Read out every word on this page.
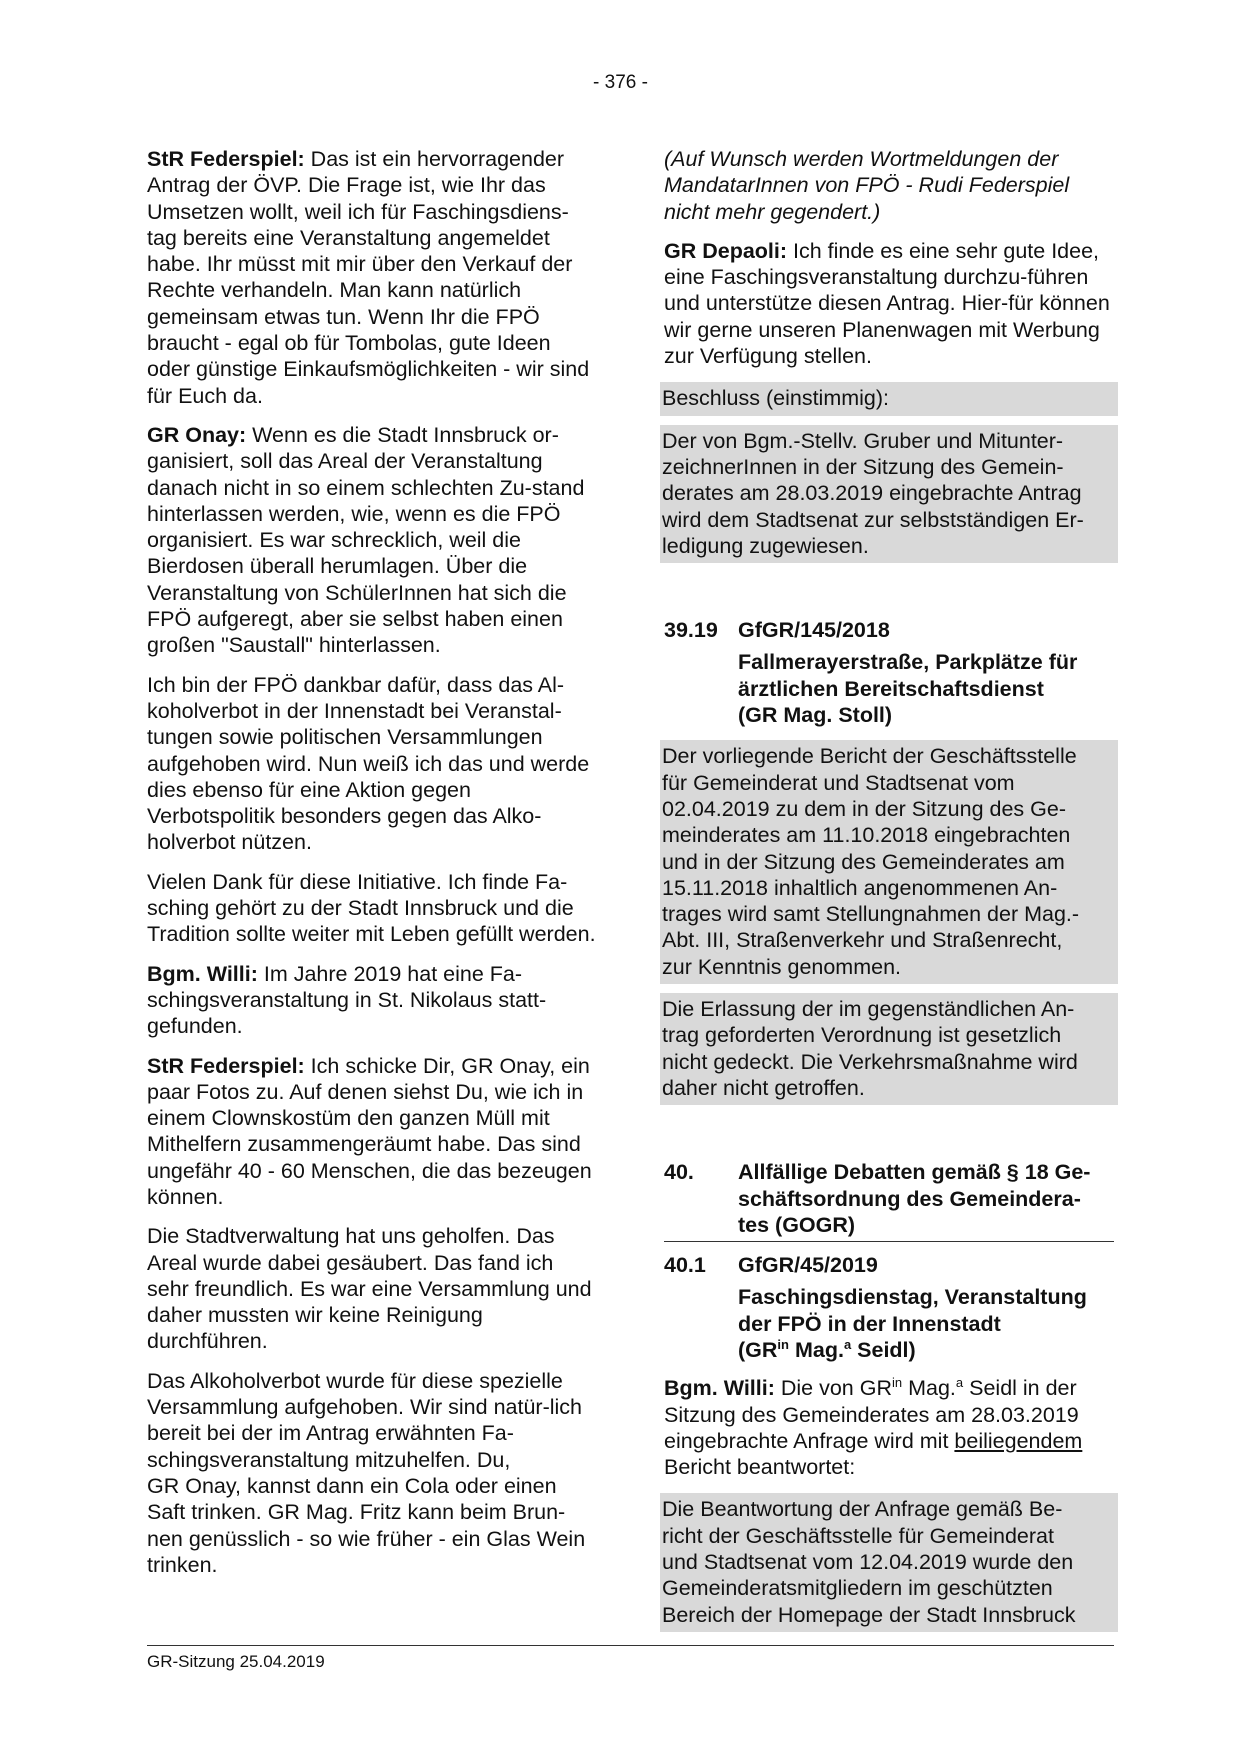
- 376 -

StR Federspiel: Das ist ein hervorragender Antrag der ÖVP. Die Frage ist, wie Ihr das Umsetzen wollt, weil ich für Faschingsdiens-tag bereits eine Veranstaltung angemeldet habe. Ihr müsst mit mir über den Verkauf der Rechte verhandeln. Man kann natürlich gemeinsam etwas tun. Wenn Ihr die FPÖ braucht - egal ob für Tombolas, gute Ideen oder günstige Einkaufsmöglichkeiten - wir sind für Euch da.

GR Onay: Wenn es die Stadt Innsbruck or-ganisiert, soll das Areal der Veranstaltung danach nicht in so einem schlechten Zu-stand hinterlassen werden, wie, wenn es die FPÖ organisiert. Es war schrecklich, weil die Bierdosen überall herumlagen. Über die Veranstaltung von SchülerInnen hat sich die FPÖ aufgeregt, aber sie selbst haben einen großen "Saustall" hinterlassen.

Ich bin der FPÖ dankbar dafür, dass das Al-koholverbot in der Innenstadt bei Veranstal-tungen sowie politischen Versammlungen aufgehoben wird. Nun weiß ich das und werde dies ebenso für eine Aktion gegen Verbotspolitik besonders gegen das Alko-holverbot nützen.

Vielen Dank für diese Initiative. Ich finde Fa-sching gehört zu der Stadt Innsbruck und die Tradition sollte weiter mit Leben gefüllt werden.

Bgm. Willi: Im Jahre 2019 hat eine Fa-schingsveranstaltung in St. Nikolaus statt-gefunden.

StR Federspiel: Ich schicke Dir, GR Onay, ein paar Fotos zu. Auf denen siehst Du, wie ich in einem Clownskostüm den ganzen Müll mit Mithelfern zusammengeräumt habe. Das sind ungefähr 40 - 60 Menschen, die das bezeugen können.

Die Stadtverwaltung hat uns geholfen. Das Areal wurde dabei gesäubert. Das fand ich sehr freundlich. Es war eine Versammlung und daher mussten wir keine Reinigung durchführen.

Das Alkoholverbot wurde für diese spezielle Versammlung aufgehoben. Wir sind natür-lich bereit bei der im Antrag erwähnten Fa-schingsveranstaltung mitzuhelfen. Du,
GR Onay, kannst dann ein Cola oder einen Saft trinken. GR Mag. Fritz kann beim Brun-nen genüsslich - so wie früher - ein Glas Wein trinken.

(Auf Wunsch werden Wortmeldungen der
MandatarInnen von FPÖ - Rudi Federspiel
nicht mehr gegendert.)

GR Depaoli: Ich finde es eine sehr gute Idee, eine Faschingsveranstaltung durchzu-führen und unterstütze diesen Antrag. Hier-für können wir gerne unseren Planenwagen mit Werbung zur Verfügung stellen.

Beschluss (einstimmig):
Der von Bgm.-Stellv. Gruber und Mitunter-
zeichnerInnen in der Sitzung des Gemein-
derates am 28.03.2019 eingebrachte Antrag
wird dem Stadtsenat zur selbstständigen Er-
ledigung zugewiesen.
39.19 GfGR/145/2018
Fallmerayerstraße, Parkplätze für
ärztlichen Bereitschaftsdienst
(GR Mag. Stoll)
Der vorliegende Bericht der Geschäftsstelle
für Gemeinderat und Stadtsenat vom
02.04.2019 zu dem in der Sitzung des Ge-
meinderates am 11.10.2018 eingebrachten
und in der Sitzung des Gemeinderates am
15.11.2018 inhaltlich angenommenen An-
trages wird samt Stellungnahmen der Mag.-
Abt. III, Straßenverkehr und Straßenrecht,
zur Kenntnis genommen.
Die Erlassung der im gegenständlichen An-
trag geforderten Verordnung ist gesetzlich
nicht gedeckt. Die Verkehrsmaßnahme wird
daher nicht getroffen.
40.	Allfällige Debatten gemäß § 18 Ge-
schäftsordnung des Gemeindera-
tes (GOGR)
40.1	GfGR/45/2019
Faschingsdienstag, Veranstaltung
der FPÖ in der Innenstadt
($GR^{in}$ Mag.$^a$ Seidl)

Bgm. Willi: Die von $GR^{in}$ Mag.$^a$ Seidl in der Sitzung des Gemeinderates am 28.03.2019 eingebrachte Anfrage wird mit beiliegendem Bericht beantwortet:

Die Beantwortung der Anfrage gemäß Be-
richt der Geschäftsstelle für Gemeinderat
und Stadtsenat vom 12.04.2019 wurde den
Gemeinderatsmitgliedern im geschützten
Bereich der Homepage der Stadt Innsbruck
GR-Sitzung 25.04.2019
